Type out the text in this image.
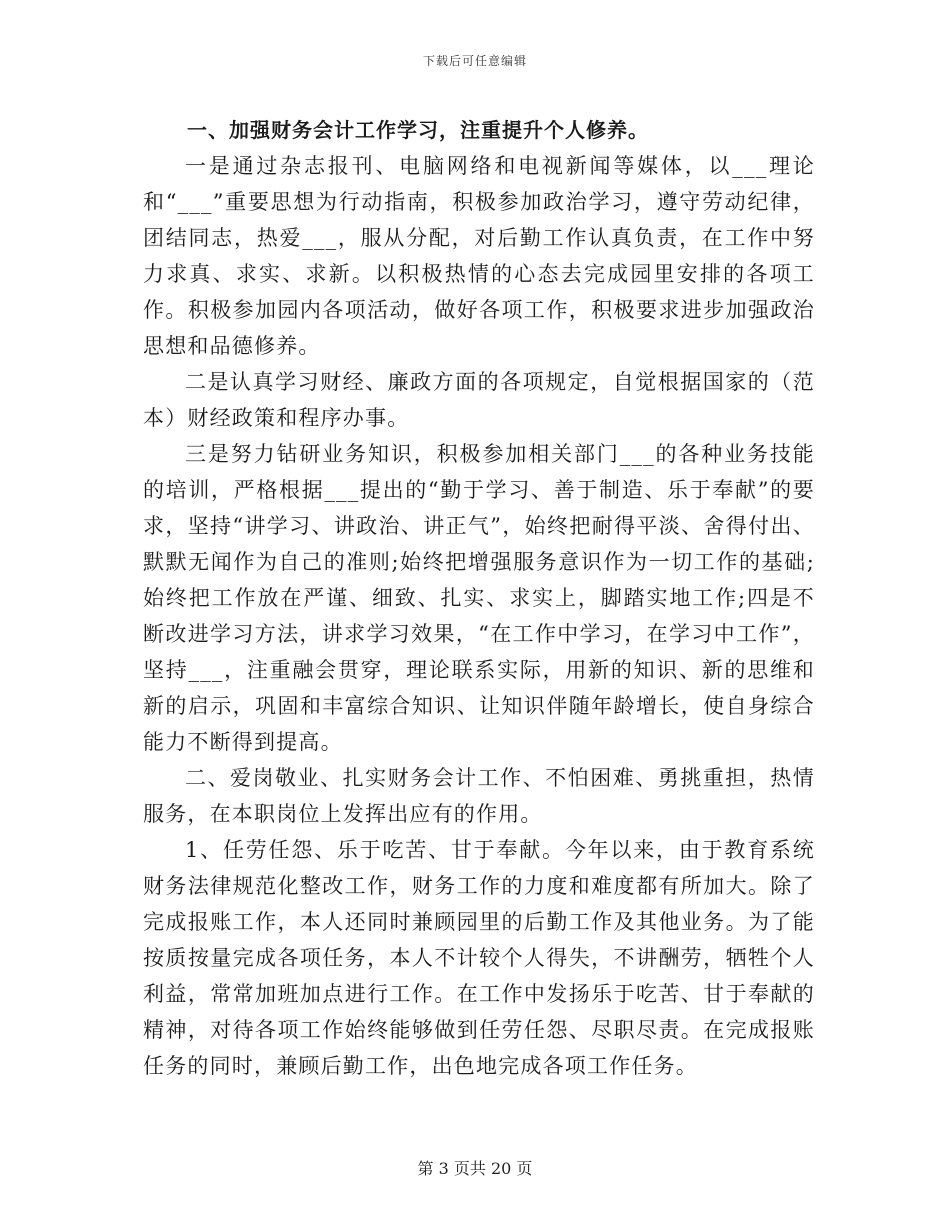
下载后可任意编辑

一、加强财务会计工作学习，注重提升个人修养。

一是通过杂志报刊、电脑网络和电视新闻等媒体，以___理论和“___”重要思想为行动指南，积极参加政治学习，遵守劳动纪律，团结同志，热爱___，服从分配，对后勤工作认真负责，在工作中努力求真、求实、求新。以积极热情的心态去完成园里安排的各项工作。积极参加园内各项活动，做好各项工作，积极要求进步加强政治思想和品德修养。

二是认真学习财经、廉政方面的各项规定，自觉根据国家的（范本）财经政策和程序办事。

三是努力钻研业务知识，积极参加相关部门___的各种业务技能的培训，严格根据___提出的“勤于学习、善于制造、乐于奉献”的要求，坚持“讲学习、讲政治、讲正气”，始终把耐得平淡、舍得付出、默默无闻作为自己的准则;始终把增强服务意识作为一切工作的基础;始终把工作放在严谨、细致、扎实、求实上，脚踏实地工作;四是不断改进学习方法，讲求学习效果，“在工作中学习，在学习中工作”，坚持___，注重融会贯穿，理论联系实际，用新的知识、新的思维和新的启示，巩固和丰富综合知识、让知识伴随年龄增长，使自身综合能力不断得到提高。

二、爱岗敬业、扎实财务会计工作、不怕困难、勇挑重担，热情服务，在本职岗位上发挥出应有的作用。

1、任劳任怨、乐于吃苦、甘于奉献。今年以来，由于教育系统财务法律规范化整改工作，财务工作的力度和难度都有所加大。除了完成报账工作，本人还同时兼顾园里的后勤工作及其他业务。为了能按质按量完成各项任务，本人不计较个人得失，不讲酬劳，牺牲个人利益，常常加班加点进行工作。在工作中发扬乐于吃苦、甘于奉献的精神，对待各项工作始终能够做到任劳任怨、尽职尽责。在完成报账任务的同时，兼顾后勤工作，出色地完成各项工作任务。

第 3 页共 20 页
